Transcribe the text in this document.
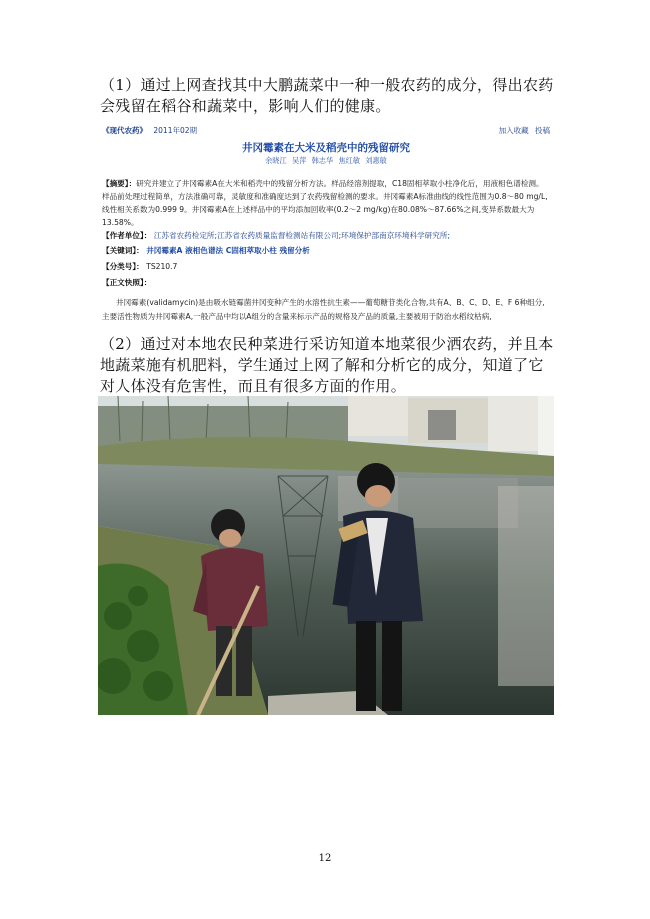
（1）通过上网查找其中大鹏蔬菜中一种一般农药的成分，得出农药会残留在稻谷和蔬菜中，影响人们的健康。
《现代农药》 2011年02期	加入收藏 投稿
井冈霉素在大米及稻壳中的残留研究
余晓江 吴萍 韩志华 焦红敏 刘惠敏
【摘要】：研究并建立了井冈霉素A在大米和稻壳中的残留分析方法。样品经溶剂提取，C18固相萃取小柱净化后，用液相色谱检测。样品前处理过程简单，方法准确可靠，灵敏度和准确度达到了农药残留检测的要求。井冈霉素A标准曲线的线性范围为0.8～80 mg/L,线性相关系数为0.999 9。井冈霉素A在上述样品中的平均添加回收率(0.2～2 mg/kg)在80.08%～87.66%之间,变异系数最大为13.58%。
【作者单位】： 江苏省农药检定所;江苏省农药质量监督检测站有限公司;环境保护部南京环境科学研究所;
【关键词】： 井冈霉素A 液相色谱法 C固相萃取小柱 残留分析
【分类号】： TS210.7
【正文快照】：
井冈霉素(validamycin)是由吸水链霉菌井冈变种产生的水溶性抗生素——葡萄糖苷类化合物,共有A、B、C、D、E、F 6种组分,主要活性物质为井冈霉素A,一般产品中均以A组分的含量来标示产品的规格及产品的质量,主要被用于防治水稻纹枯病,
（2）通过对本地农民种菜进行采访知道本地菜很少洒农药，并且本地蔬菜施有机肥料，学生通过上网了解和分析它的成分，知道了它对人体没有危害性，而且有很多方面的作用。
12
